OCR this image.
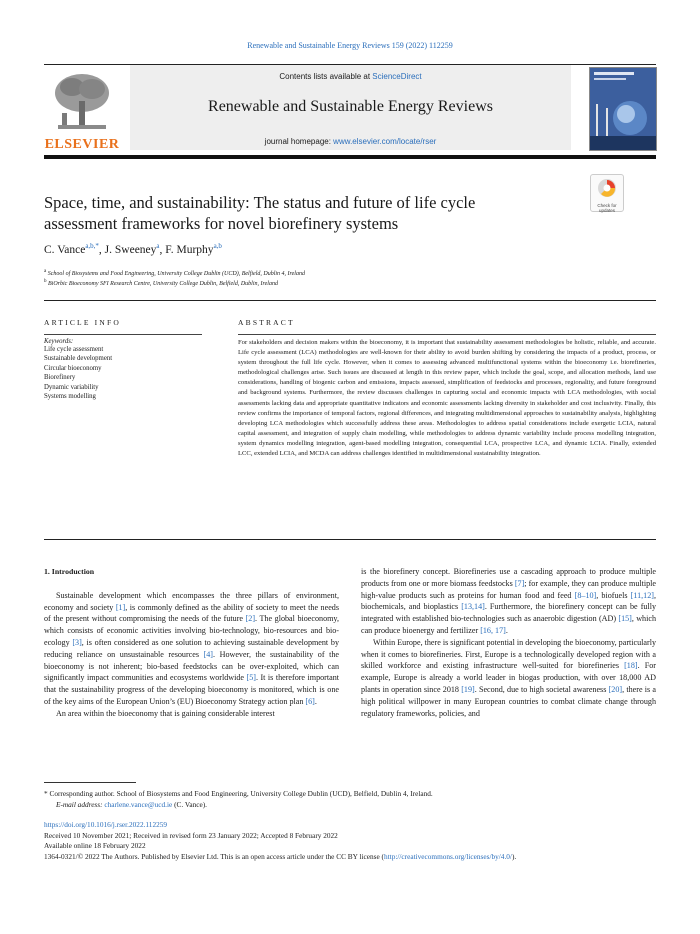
Renewable and Sustainable Energy Reviews 159 (2022) 112259
ELSEVIER
Contents lists available at ScienceDirect
Renewable and Sustainable Energy Reviews
journal homepage: www.elsevier.com/locate/rser
Space, time, and sustainability: The status and future of life cycle
assessment frameworks for novel biorefinery systems
Check for updates
C. Vance$^{a,b,*}$, J. Sweeney$^a$, F. Murphy$^{a,b}$
$^a$ School of Biosystems and Food Engineering, University College Dublin (UCD), Belfield, Dublin 4, Ireland
$^b$ BiOrbic Bioeconomy SFI Research Centre, University College Dublin, Belfield, Dublin, Ireland
ARTICLE INFO
Keywords:
Life cycle assessment
Sustainable development
Circular bioeconomy
Biorefinery
Dynamic variability
Systems modelling
ABSTRACT
For stakeholders and decision makers within the bioeconomy, it is important that sustainability assessment methodologies be holistic, reliable, and accurate. Life cycle assessment (LCA) methodologies are well-known for their ability to avoid burden shifting by considering the impacts of a product, process, or system throughout the full life cycle. However, when it comes to assessing advanced multifunctional systems within the bioeconomy i.e. biorefineries, methodological challenges arise. Such issues are discussed at length in this review paper, which include the goal, scope, and allocation methods, land use considerations, handling of biogenic carbon and emissions, impacts assessed, simplification of feedstocks and processes, regionality, and future foreground and background systems. Furthermore, the review discusses challenges in capturing social and economic impacts with LCA methodologies, with social assessments lacking data and appropriate quantitative indicators and economic assessments lacking diversity in stakeholder and cost inclusivity. Finally, this review confirms the importance of temporal factors, regional differences, and integrating multidimensional approaches to sustainability analysis, highlighting developing LCA methodologies which successfully address these areas. Methodologies to address spatial considerations include exergetic LCIA, natural capital assessment, and integration of supply chain modelling, while methodologies to address dynamic variability include process modelling integration, system dynamics modelling integration, agent-based modelling integration, consequential LCA, prospective LCA, and dynamic LCIA. Finally, extended LCC, extended LCIA, and MCDA can address challenges identified in multidimensional sustainability integration.
1. Introduction

Sustainable development which encompasses the three pillars of environment, economy and society [1], is commonly defined as the ability of society to meet the needs of the present without compromising the needs of the future [2]. The global bioeconomy, which consists of economic activities involving bio-technology, bio-resources and bio-ecology [3], is often considered as one solution to achieving sustainable development by reducing reliance on unsustainable resources [4]. However, the sustainability of the bioeconomy is not inherent; bio-based feedstocks can be over-exploited, which can significantly impact communities and ecosystems worldwide [5]. It is therefore important that the sustainability progress of the developing bioeconomy is monitored, which is one of the key aims of the European Union’s (EU) Bioeconomy Strategy action plan [6].

An area within the bioeconomy that is gaining considerable interest

is the biorefinery concept. Biorefineries use a cascading approach to produce multiple products from one or more biomass feedstocks [7]; for example, they can produce multiple high-value products such as proteins for human food and feed [8–10], biofuels [11,12], biochemicals, and bioplastics [13,14]. Furthermore, the biorefinery concept can be fully integrated with established bio-technologies such as anaerobic digestion (AD) [15], which can produce bioenergy and fertilizer [16, 17].

Within Europe, there is significant potential in developing the bioeconomy, particularly when it comes to biorefineries. First, Europe is a technologically developed region with a skilled workforce and existing infrastructure well-suited for biorefineries [18]. For example, Europe is already a world leader in biogas production, with over 18,000 AD plants in operation since 2018 [19]. Second, due to high societal awareness [20], there is a high political willpower in many European countries to combat climate change through regulatory frameworks, policies, and

* Corresponding author. School of Biosystems and Food Engineering, University College Dublin (UCD), Belfield, Dublin 4, Ireland.
E-mail address: charlene.vance@ucd.ie (C. Vance).
https://doi.org/10.1016/j.rser.2022.112259
Received 10 November 2021; Received in revised form 23 January 2022; Accepted 8 February 2022
Available online 18 February 2022
1364-0321/© 2022 The Authors. Published by Elsevier Ltd. This is an open access article under the CC BY license (http://creativecommons.org/licenses/by/4.0/).
